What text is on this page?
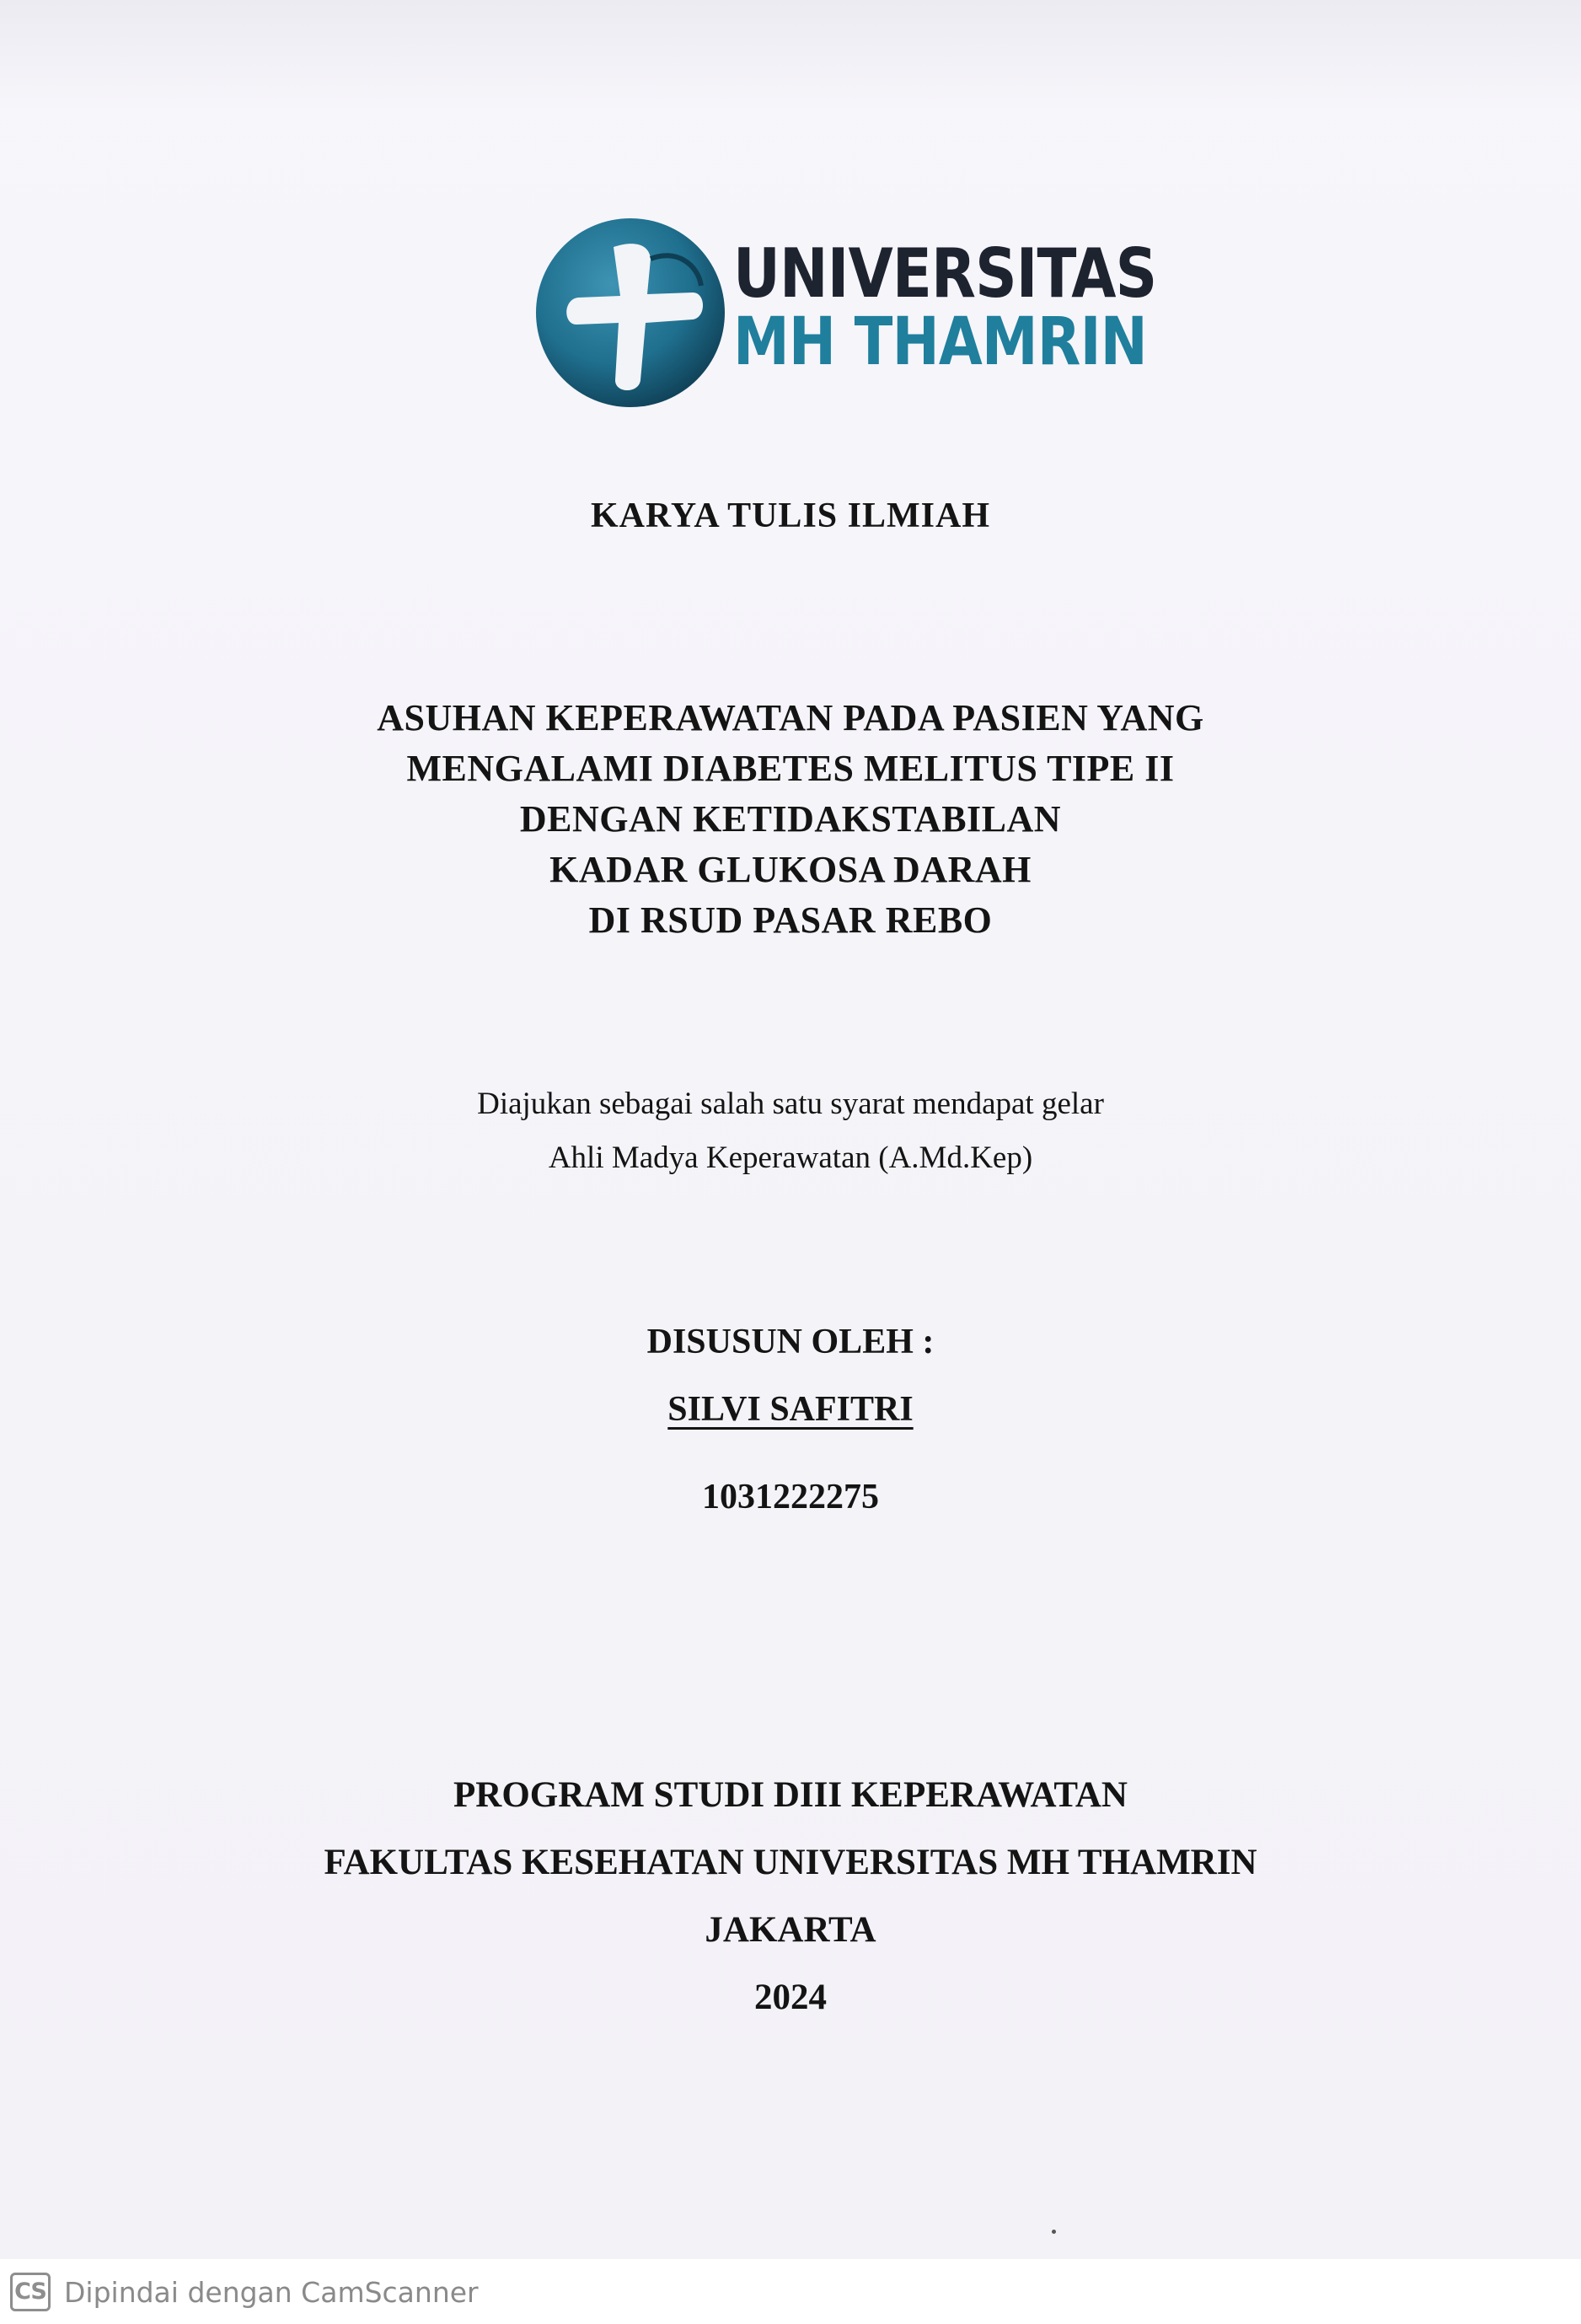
UNIVERSITAS
MH THAMRIN
KARYA TULIS ILMIAH
ASUHAN KEPERAWATAN PADA PASIEN YANG
MENGALAMI DIABETES MELITUS TIPE II
DENGAN KETIDAKSTABILAN
KADAR GLUKOSA DARAH
DI RSUD PASAR REBO
Diajukan sebagai salah satu syarat mendapat gelar
Ahli Madya Keperawatan (A.Md.Kep)
DISUSUN OLEH :
SILVI SAFITRI
1031222275
PROGRAM STUDI DIII KEPERAWATAN
FAKULTAS KESEHATAN UNIVERSITAS MH THAMRIN
JAKARTA
2024
CS Dipindai dengan CamScanner
